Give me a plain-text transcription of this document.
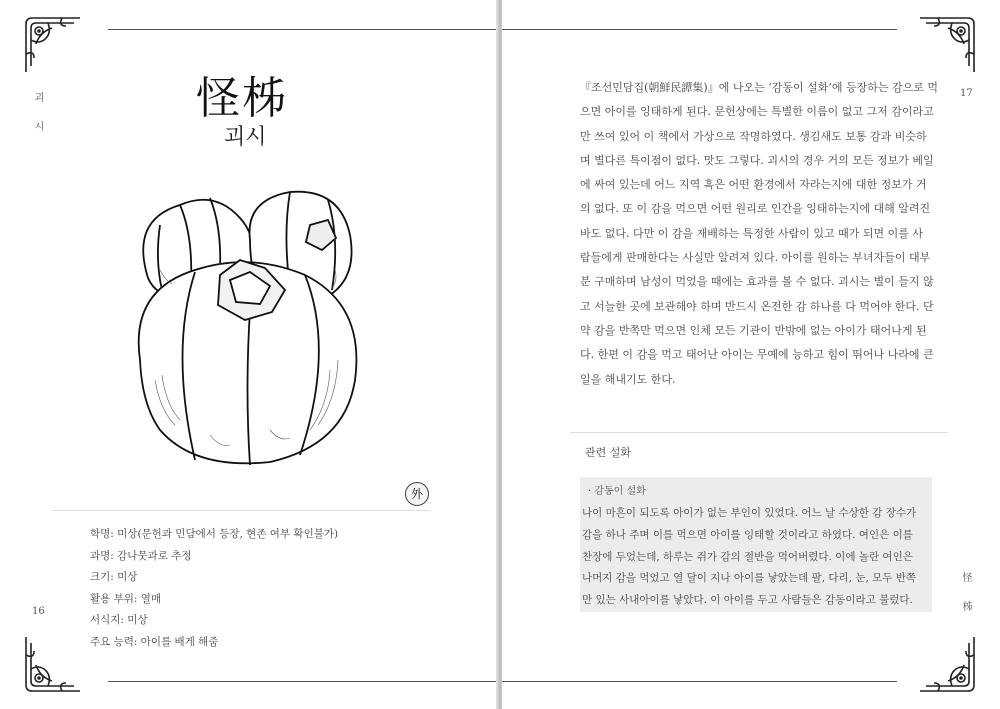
괴 시
16
怪柹
괴시
外
학명: 미상(문헌과 민담에서 등장, 현존 여부 확인불가)
과명: 감나뭇과로 추정
크기: 미상
활용 부위: 열매
서식지: 미상
주요 능력: 아이를 배게 해줌
17
怪 柹
『조선민담집(朝鮮民譚集)』에 나오는 ‘감동이 설화’에 등장하는 감으로 먹
으면 아이를 잉태하게 된다. 문헌상에는 특별한 이름이 없고 그저 감이라고
만 쓰여 있어 이 책에서 가상으로 작명하였다. 생김새도 보통 감과 비슷하
며 별다른 특이점이 없다. 맛도 그렇다. 괴시의 경우 거의 모든 정보가 베일
에 싸여 있는데 어느 지역 혹은 어떤 환경에서 자라는지에 대한 정보가 거
의 없다. 또 이 감을 먹으면 어떤 원리로 인간을 잉태하는지에 대해 알려진
바도 없다. 다만 이 감을 재배하는 특정한 사람이 있고 때가 되면 이를 사
람들에게 판매한다는 사실만 알려져 있다. 아이를 원하는 부녀자들이 대부
분 구매하며 남성이 먹었을 때에는 효과를 볼 수 없다. 괴시는 별이 들지 않
고 서늘한 곳에 보관해야 하며 반드시 온전한 감 하나를 다 먹어야 한다. 단
약 감을 반쪽만 먹으면 인체 모든 기관이 반밖에 없는 아이가 태어나게 된
다. 한편 이 감을 먹고 태어난 아이는 무예에 능하고 힘이 뛰어나 나라에 큰
일을 해내기도 한다.
관련 설화
· 감동이 설화
나이 마흔이 되도록 아이가 없는 부인이 있었다. 어느 날 수상한 감 장수가
감을 하나 주며 이를 먹으면 아이를 잉태할 것이라고 하였다. 여인은 이를
찬장에 두었는데, 하루는 쥐가 감의 절반을 먹어버렸다. 이에 놀란 여인은
나머지 감을 먹었고 열 달이 지나 아이를 낳았는데 팔, 다리, 눈, 모두 반쪽
만 있는 사내아이를 낳았다. 이 아이를 두고 사람들은 감동이라고 불렀다.
